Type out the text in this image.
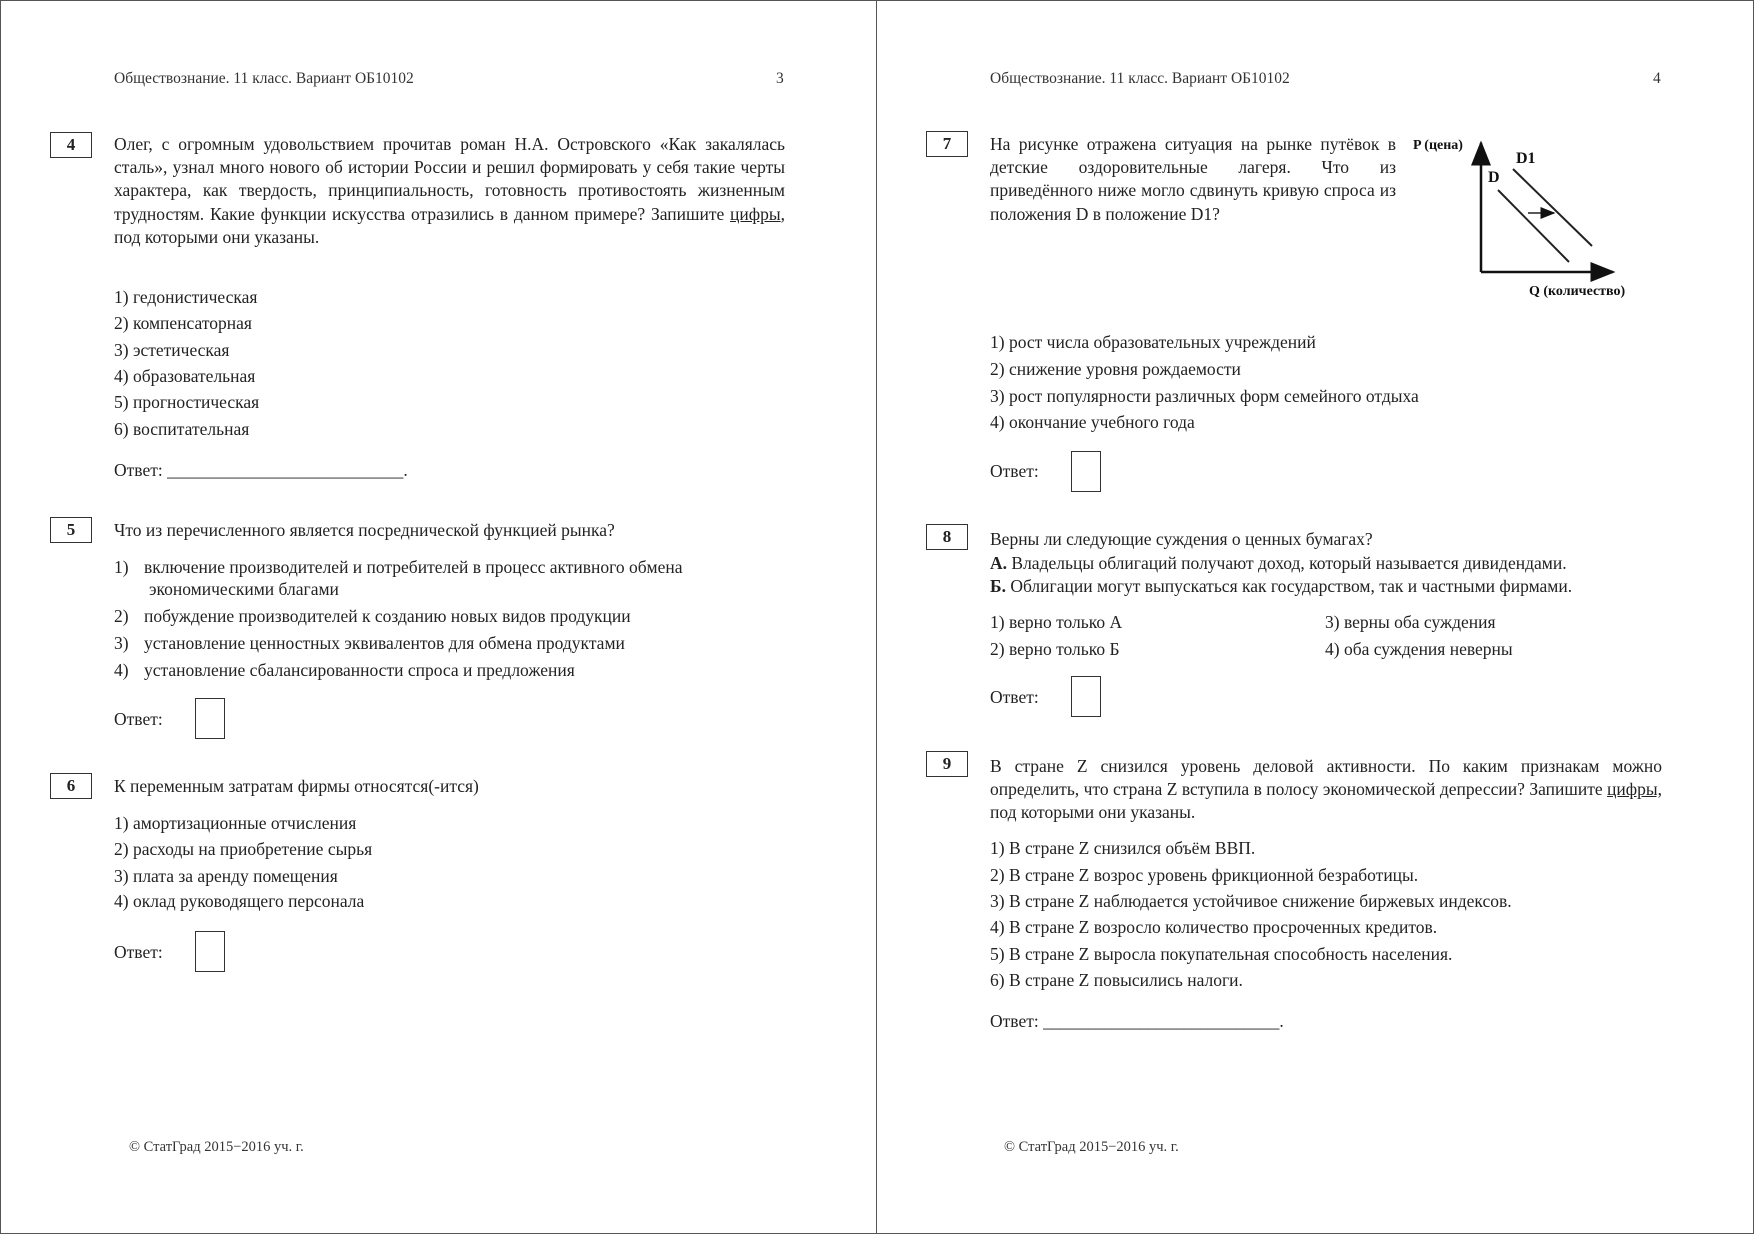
Обществознание. 11 класс. Вариант ОБ10102	3
4	Олег, с огромным удовольствием прочитав роман Н.А. Островского «Как закалялась сталь», узнал много нового об истории России и решил формировать у себя такие черты характера, как твердость, принципиальность, готовность противостоять жизненным трудностям. Какие функции искусства отразились в данном примере? Запишите цифры, под которыми они указаны.
1) гедонистическая
2) компенсаторная
3) эстетическая
4) образовательная
5) прогностическая
6) воспитательная
Ответ: ___________________________.
5	Что из перечисленного является посреднической функцией рынка?
1) включение производителей и потребителей в процесс активного обмена
экономическими благами
2) побуждение производителей к созданию новых видов продукции
3) установление ценностных эквивалентов для обмена продуктами
4) установление сбалансированности спроса и предложения
Ответ:
6	К переменным затратам фирмы относятся(-ится)
1) амортизационные отчисления
2) расходы на приобретение сырья
3) плата за аренду помещения
4) оклад руководящего персонала
Ответ:
© СтатГрад 2015−2016 уч. г.
Обществознание. 11 класс. Вариант ОБ10102	4
7	На рисунке отражена ситуация на рынке путёвок в детские оздоровительные лагеря. Что из приведённого ниже могло сдвинуть кривую спроса из положения D в положение D1?
P (цена)
D1
D
Q (количество)
1) рост числа образовательных учреждений
2) снижение уровня рождаемости
3) рост популярности различных форм семейного отдыха
4) окончание учебного года
Ответ:
8	Верны ли следующие суждения о ценных бумагах?
А. Владельцы облигаций получают доход, который называется дивидендами.
Б. Облигации могут выпускаться как государством, так и частными фирмами.
1) верно только А
2) верно только Б
3) верны оба суждения
4) оба суждения неверны
Ответ:
9	В стране Z снизился уровень деловой активности. По каким признакам можно определить, что страна Z вступила в полосу экономической депрессии? Запишите цифры, под которыми они указаны.
1) В стране Z снизился объём ВВП.
2) В стране Z возрос уровень фрикционной безработицы.
3) В стране Z наблюдается устойчивое снижение биржевых индексов.
4) В стране Z возросло количество просроченных кредитов.
5) В стране Z выросла покупательная способность населения.
6) В стране Z повысились налоги.
Ответ: ___________________________.
© СтатГрад 2015−2016 уч. г.
